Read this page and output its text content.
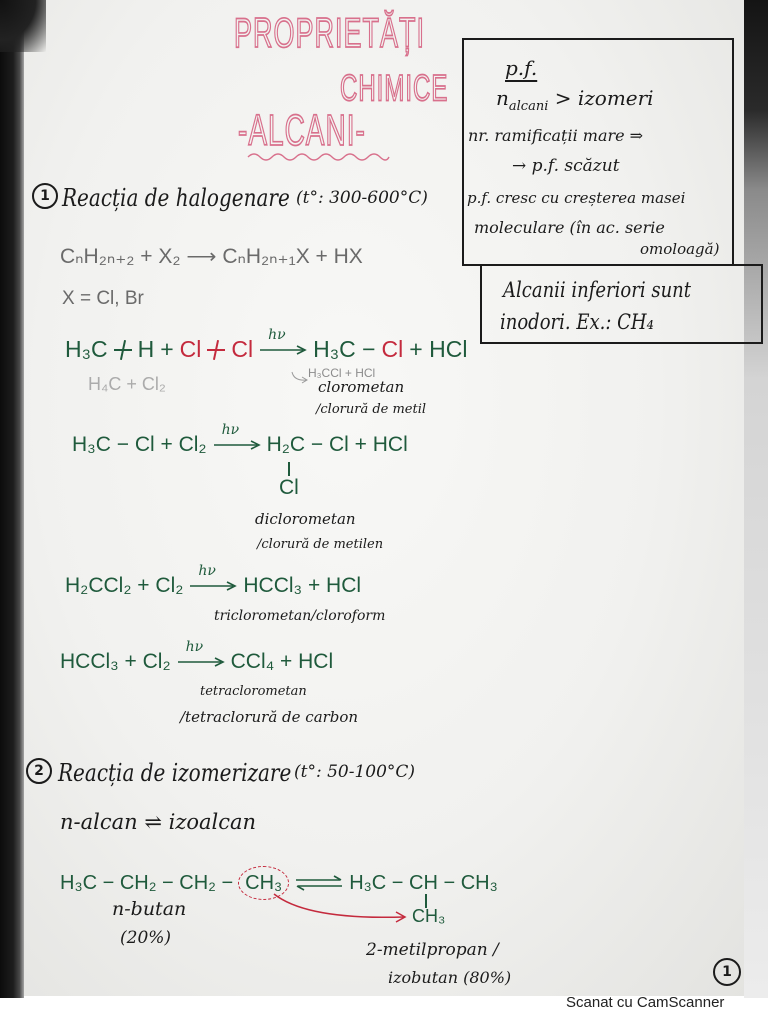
PROPRIETĂȚI
CHIMICE
-ALCANI-
p.f.
$n_{alcani}$ > izomeri
nr. ramificații mare ⇒
→ p.f. scăzut
p.f. cresc cu creșterea masei
moleculare (în ac. serie
omoloagă)
Alcanii inferiori sunt
inodori. Ex.: CH₄
1 Reacția de halogenare (t°: 300-600°C)
CₙH₂ₙ₊₂ + X₂ ⟶ CₙH₂ₙ₊₁X + HX
X = Cl, Br
H₃C H + Cl Cl
hν
H₃C − Cl + HCl
H₄C + Cl₂
H₃CCl + HCl
clorometan
/clorură de metil
H₃C − Cl + Cl₂
hν
H₂C − Cl + HCl
Cl
diclorometan
/clorură de metilen
H₂CCl₂ + Cl₂
hν
HCCl₃ + HCl
triclorometan/cloroform
HCCl₃ + Cl₂
hν
CCl₄ + HCl
tetraclorometan
/tetraclorură de carbon
2 Reacția de izomerizare (t°: 50-100°C)
n-alcan ⇌ izoalcan
H₃C − CH₂ − CH₂ − CH₃ ⇌ H₃C − CH − CH₃
CH₃
n-butan
(20%)
2-metilpropan /
izobutan (80%)	1
Scanat cu CamScanner
